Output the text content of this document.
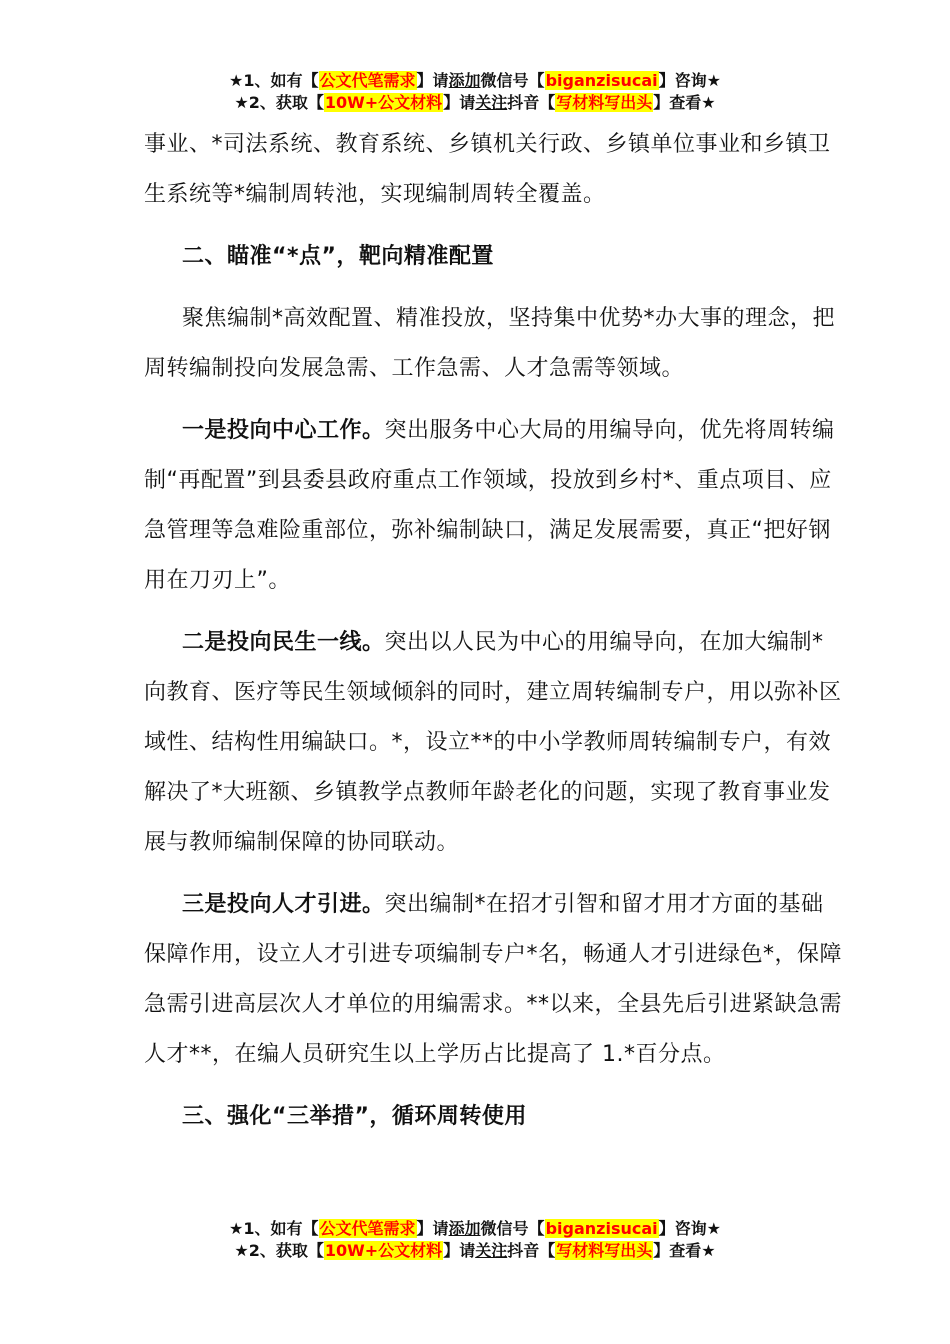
★1、如有【公文代笔需求】请添加微信号【biganzisucai】咨询★
★2、获取【10W+公文材料】请关注抖音【写材料写出头】查看★

事业、*司法系统、教育系统、乡镇机关行政、乡镇单位事业和乡镇卫生系统等*编制周转池，实现编制周转全覆盖。

二、瞄准“*点”，靶向精准配置

聚焦编制*高效配置、精准投放，坚持集中优势*办大事的理念，把周转编制投向发展急需、工作急需、人才急需等领域。

一是投向中心工作。突出服务中心大局的用编导向，优先将周转编制“再配置”到县委县政府重点工作领域，投放到乡村*、重点项目、应急管理等急难险重部位，弥补编制缺口，满足发展需要，真正“把好钢用在刀刃上”。

二是投向民生一线。突出以人民为中心的用编导向，在加大编制*向教育、医疗等民生领域倾斜的同时，建立周转编制专户，用以弥补区域性、结构性用编缺口。*，设立**的中小学教师周转编制专户，有效解决了*大班额、乡镇教学点教师年龄老化的问题，实现了教育事业发展与教师编制保障的协同联动。

三是投向人才引进。突出编制*在招才引智和留才用才方面的基础保障作用，设立人才引进专项编制专户*名，畅通人才引进绿色*，保障急需引进高层次人才单位的用编需求。**以来，全县先后引进紧缺急需人才**，在编人员研究生以上学历占比提高了 1.*百分点。

三、强化“三举措”，循环周转使用

★1、如有【公文代笔需求】请添加微信号【biganzisucai】咨询★
★2、获取【10W+公文材料】请关注抖音【写材料写出头】查看★
